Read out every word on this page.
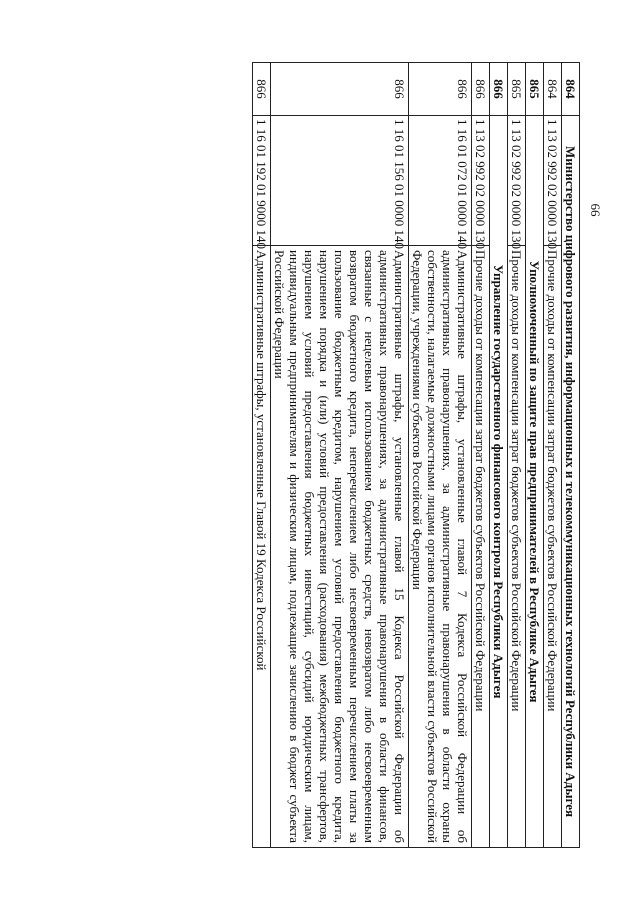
66
864	Министерство цифрового развития, информационных и телекоммуникационных технологий Республики Адыгея	
864	1 13 02 992 02 0000 130	Прочие доходы от компенсации затрат бюджетов субъектов Российской Федерации
865	Уполномоченный по защите прав предпринимателей в Республике Адыгея	
865	1 13 02 992 02 0000 130	Прочие доходы от компенсации затрат бюджетов субъектов Российской Федерации
866	Управление государственного финансового контроля Республики Адыгея	
866	1 13 02 992 02 0000 130	Прочие доходы от компенсации затрат бюджетов субъектов Российской Федерации
866	1 16 01 072 01 0000 140	Административные штрафы, установленные главой 7 Кодекса Российской Федерации об административных правонарушениях, за административные правонарушения в области охраны собственности, налагаемые должностными лицами органов исполнительной власти субъектов Российской Федерации, учреждениями субъектов Российской Федерации
866	1 16 01 156 01 0000 140	Административные штрафы, установленные главой 15 Кодекса Российской Федерации об административных правонарушениях, за административные правонарушения в области финансов, связанные с нецелевым использованием бюджетных средств, невозвратом либо несвоевременным возвратом бюджетного кредита, неперечислением либо несвоевременным перечислением платы за пользование бюджетным кредитом, нарушением условий предоставления бюджетного кредита, нарушением порядка и (или) условий предоставления (расходования) межбюджетных трансфертов, нарушением условий предоставления бюджетных инвестиций, субсидий юридическим лицам, индивидуальным предпринимателям и физическим лицам, подлежащие зачислению в бюджет субъекта Российской Федерации
866	1 16 01 192 01 9000 140	Административные штрафы, установленные Главой 19 Кодекса Российской
